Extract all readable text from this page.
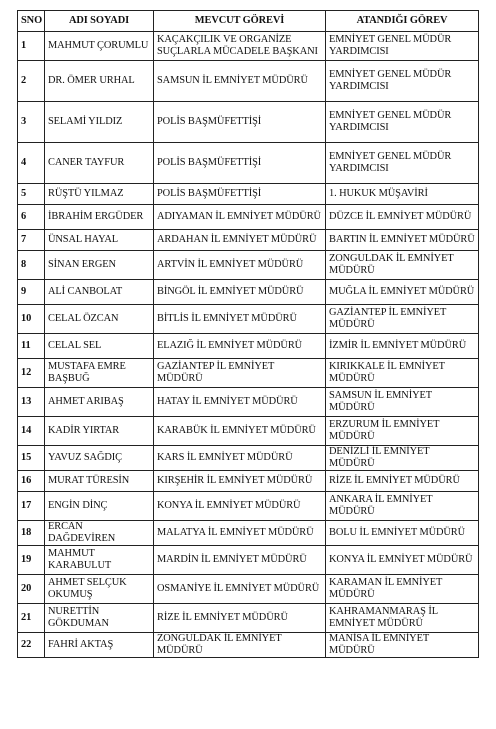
SNO	ADI SOYADI	MEVCUT GÖREVİ	ATANDIĞI GÖREV
1	MAHMUT ÇORUMLU	KAÇAKÇILIK VE ORGANİZE SUÇLARLA MÜCADELE BAŞKANI	EMNİYET GENEL MÜDÜR YARDIMCISI
2	DR. ÖMER URHAL	SAMSUN İL EMNİYET MÜDÜRÜ	EMNİYET GENEL MÜDÜR YARDIMCISI
3	SELAMİ YILDIZ	POLİS BAŞMÜFETTİŞİ	EMNİYET GENEL MÜDÜR YARDIMCISI
4	CANER TAYFUR	POLİS BAŞMÜFETTİŞİ	EMNİYET GENEL MÜDÜR YARDIMCISI
5	RÜŞTÜ YILMAZ	POLİS BAŞMÜFETTİŞİ	1. HUKUK MÜŞAVİRİ
6	İBRAHİM ERGÜDER	ADIYAMAN İL EMNİYET MÜDÜRÜ	DÜZCE İL EMNİYET MÜDÜRÜ
7	ÜNSAL HAYAL	ARDAHAN İL EMNİYET MÜDÜRÜ	BARTIN İL EMNİYET MÜDÜRÜ
8	SİNAN ERGEN	ARTVİN İL EMNİYET MÜDÜRÜ	ZONGULDAK İL EMNİYET MÜDÜRÜ
9	ALİ CANBOLAT	BİNGÖL İL EMNİYET MÜDÜRÜ	MUĞLA İL EMNİYET MÜDÜRÜ
10	CELAL ÖZCAN	BİTLİS İL EMNİYET MÜDÜRÜ	GAZİANTEP İL EMNİYET MÜDÜRÜ
11	CELAL SEL	ELAZIĞ İL EMNİYET MÜDÜRÜ	İZMİR İL EMNİYET MÜDÜRÜ
12	MUSTAFA EMRE BAŞBUĞ	GAZİANTEP İL EMNİYET MÜDÜRÜ	KIRIKKALE İL EMNİYET MÜDÜRÜ
13	AHMET ARIBAŞ	HATAY İL EMNİYET MÜDÜRÜ	SAMSUN İL EMNİYET MÜDÜRÜ
14	KADİR YIRTAR	KARABÜK İL EMNİYET MÜDÜRÜ	ERZURUM İL EMNİYET MÜDÜRÜ
15	YAVUZ SAĞDIÇ	KARS İL EMNİYET MÜDÜRÜ	DENİZLİ İL EMNİYET MÜDÜRÜ
16	MURAT TÜRESİN	KIRŞEHİR İL EMNİYET MÜDÜRÜ	RİZE İL EMNİYET MÜDÜRÜ
17	ENGİN DİNÇ	KONYA İL EMNİYET MÜDÜRÜ	ANKARA İL EMNİYET MÜDÜRÜ
18	ERCAN DAĞDEVİREN	MALATYA İL EMNİYET MÜDÜRÜ	BOLU İL EMNİYET MÜDÜRÜ
19	MAHMUT KARABULUT	MARDİN İL EMNİYET MÜDÜRÜ	KONYA İL EMNİYET MÜDÜRÜ
20	AHMET SELÇUK OKUMUŞ	OSMANİYE İL EMNİYET MÜDÜRÜ	KARAMAN İL EMNİYET MÜDÜRÜ
21	NURETTİN GÖKDUMAN	RİZE İL EMNİYET MÜDÜRÜ	KAHRAMANMARAŞ İL EMNİYET MÜDÜRÜ
22	FAHRİ AKTAŞ	ZONGULDAK İL EMNİYET MÜDÜRÜ	MANİSA İL EMNİYET MÜDÜRÜ
